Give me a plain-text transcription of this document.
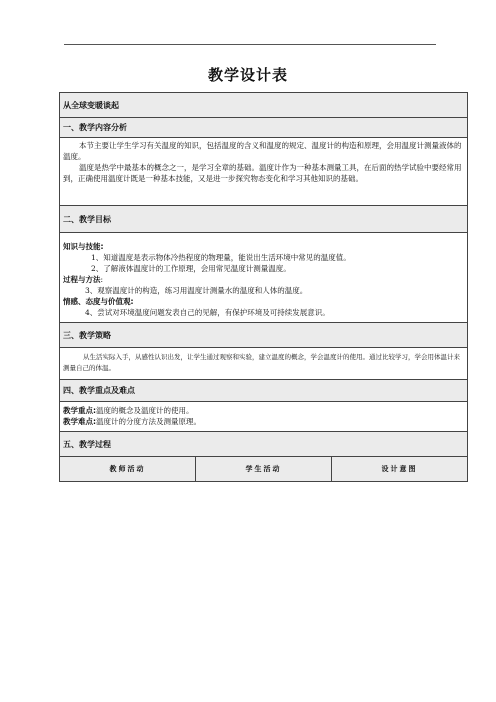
教学设计表
从全球变暖谈起
一、教学内容分析

本节主要让学生学习有关温度的知识，包括温度的含义和温度的规定、温度计的构造和原理，会用温度计测量液体的温度。

温度是热学中最基本的概念之一，是学习全章的基础。温度计作为一种基本测量工具，在后面的热学试验中要经常用到，正确使用温度计既是一种基本技能，又是进一步探究物态变化和学习其他知识的基础。

二、教学目标

知识与技能:

1、知道温度是表示物体冷热程度的物理量，能说出生活环境中常见的温度值。

2、了解液体温度计的工作原理，会用常见温度计测量温度。

过程与方法:

3、观察温度计的构造，练习用温度计测量水的温度和人体的温度。

情感、态度与价值观:

4、尝试对环境温度问题发表自己的见解，有保护环境及可持续发展意识。

三、教学策略

从生活实际入手，从感性认识出发，让学生通过观察和实验，建立温度的概念，学会温度计的使用。通过比较学习，学会用体温计来测量自己的体温。

四、教学重点及难点

教学重点:温度的概念及温度计的使用。

教学难点:温度计的分度方法及测量原理。

五、教学过程
教师活动	学生活动	设计意图
